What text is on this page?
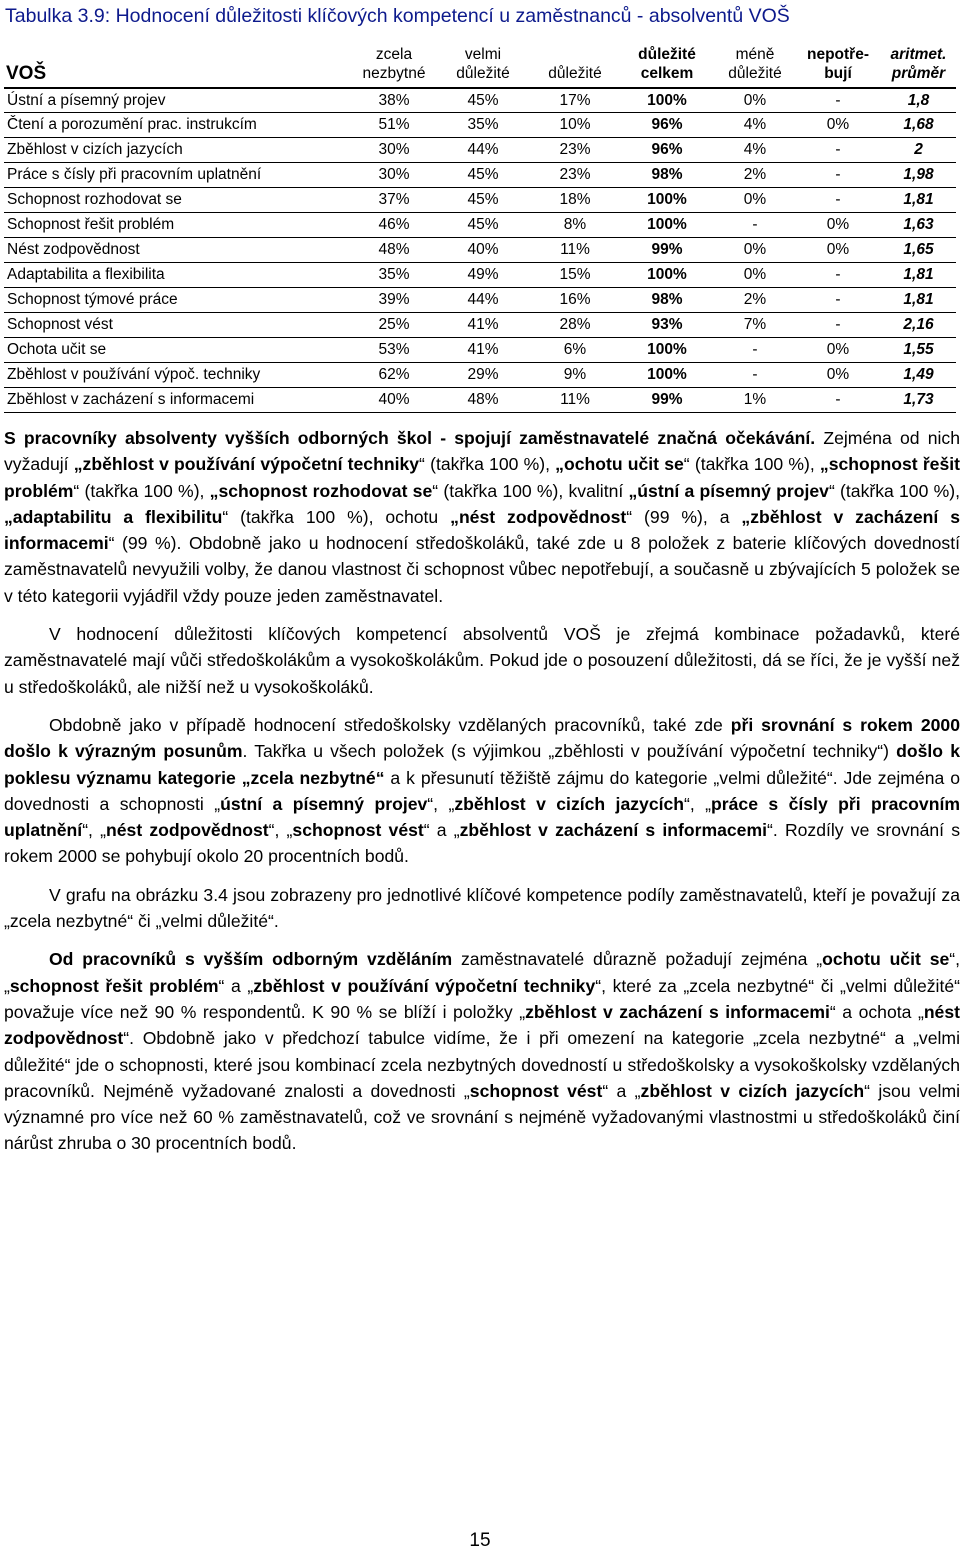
Tabulka 3.9: Hodnocení důležitosti klíčových kompetencí u zaměstnanců - absolventů VOŠ
VOŠ	zcela nezbytné	velmi důležité	důležité	důležité celkem	méně důležité	nepotře- bují	aritmet. průměr
Ústní a písemný projev	38%	45%	17%	100%	0%	-	1,8
Čtení a porozumění prac. instrukcím	51%	35%	10%	96%	4%	0%	1,68
Zběhlost v cizích jazycích	30%	44%	23%	96%	4%	-	2
Práce s čísly při pracovním uplatnění	30%	45%	23%	98%	2%	-	1,98
Schopnost rozhodovat se	37%	45%	18%	100%	0%	-	1,81
Schopnost řešit problém	46%	45%	8%	100%	-	0%	1,63
Nést zodpovědnost	48%	40%	11%	99%	0%	0%	1,65
Adaptabilita a flexibilita	35%	49%	15%	100%	0%	-	1,81
Schopnost týmové práce	39%	44%	16%	98%	2%	-	1,81
Schopnost vést	25%	41%	28%	93%	7%	-	2,16
Ochota učit se	53%	41%	6%	100%	-	0%	1,55
Zběhlost v používání výpoč. techniky	62%	29%	9%	100%	-	0%	1,49
Zběhlost v zacházení s informacemi	40%	48%	11%	99%	1%	-	1,73

S pracovníky absolventy vyšších odborných škol - spojují zaměstnavatelé značná očekávání. Zejména od nich vyžadují „zběhlost v používání výpočetní techniky“ (takřka 100 %), „ochotu učit se“ (takřka 100 %), „schopnost řešit problém“ (takřka 100 %), „schopnost rozhodovat se“ (takřka 100 %), kvalitní „ústní a písemný projev“ (takřka 100 %), „adaptabilitu a flexibilitu“ (takřka 100 %), ochotu „nést zodpovědnost“ (99 %), a „zběhlost v zacházení s informacemi“ (99 %). Obdobně jako u hodnocení středoškoláků, také zde u 8 položek z baterie klíčových dovedností zaměstnavatelů nevyužili volby, že danou vlastnost či schopnost vůbec nepotřebují, a současně u zbývajících 5 položek se v této kategorii vyjádřil vždy pouze jeden zaměstnavatel.

V hodnocení důležitosti klíčových kompetencí absolventů VOŠ je zřejmá kombinace požadavků, které zaměstnavatelé mají vůči středoškolákům a vysokoškolákům. Pokud jde o posouzení důležitosti, dá se říci, že je vyšší než u středoškoláků, ale nižší než u vysokoškoláků.

Obdobně jako v případě hodnocení středoškolsky vzdělaných pracovníků, také zde při srovnání s rokem 2000 došlo k výrazným posunům. Takřka u všech položek (s výjimkou „zběhlosti v používání výpočetní techniky“) došlo k poklesu významu kategorie „zcela nezbytné“ a k přesunutí těžiště zájmu do kategorie „velmi důležité“. Jde zejména o dovednosti a schopnosti „ústní a písemný projev“, „zběhlost v cizích jazycích“, „práce s čísly při pracovním uplatnění“, „nést zodpovědnost“, „schopnost vést“ a „zběhlost v zacházení s informacemi“. Rozdíly ve srovnání s rokem 2000 se pohybují okolo 20 procentních bodů.

V grafu na obrázku 3.4 jsou zobrazeny pro jednotlivé klíčové kompetence podíly zaměstnavatelů, kteří je považují za „zcela nezbytné“ či „velmi důležité“.

Od pracovníků s vyšším odborným vzděláním zaměstnavatelé důrazně požadují zejména „ochotu učit se“, „schopnost řešit problém“ a „zběhlost v používání výpočetní techniky“, které za „zcela nezbytné“ či „velmi důležité“ považuje více než 90 % respondentů. K 90 % se blíží i položky „zběhlost v zacházení s informacemi“ a ochota „nést zodpovědnost“. Obdobně jako v předchozí tabulce vidíme, že i při omezení na kategorie „zcela nezbytné“ a „velmi důležité“ jde o schopnosti, které jsou kombinací zcela nezbytných dovedností u středoškolsky a vysokoškolsky vzdělaných pracovníků. Nejméně vyžadované znalosti a dovednosti „schopnost vést“ a „zběhlost v cizích jazycích“ jsou velmi významné pro více než 60 % zaměstnavatelů, což ve srovnání s nejméně vyžadovanými vlastnostmi u středoškoláků činí nárůst zhruba o 30 procentních bodů.

15
